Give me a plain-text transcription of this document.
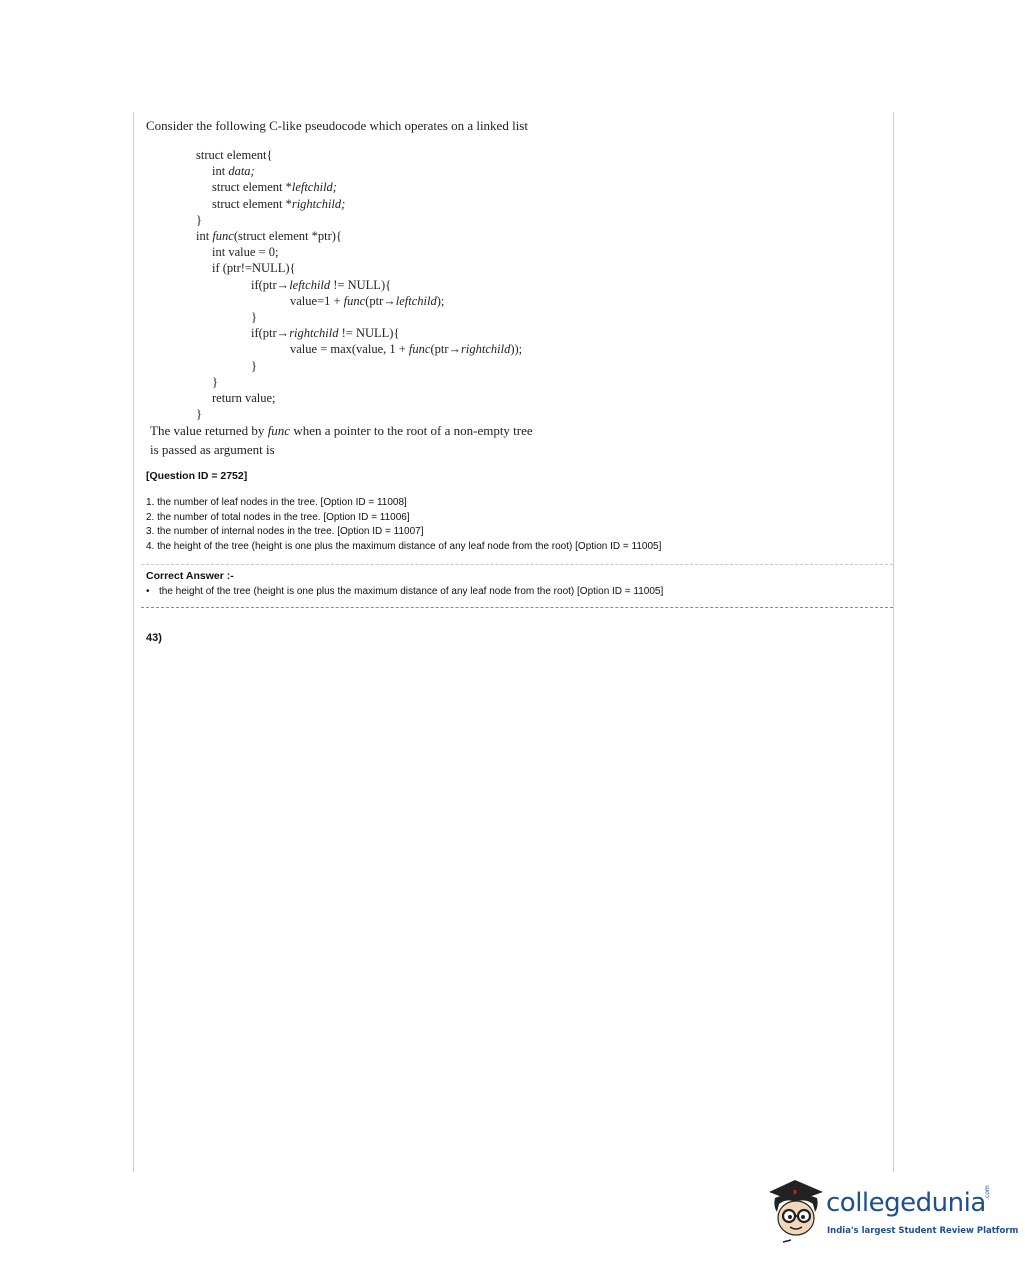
Consider the following C-like pseudocode which operates on a linked list
struct element{
int data;
struct element *leftchild;
struct element *rightchild;
}
int func(struct element *ptr){
int value = 0;
if (ptr!=NULL){
if(ptr→leftchild != NULL){
value=1 + func(ptr→leftchild);
}
if(ptr→rightchild != NULL){
value = max(value, 1 + func(ptr→rightchild));
}
}
return value;
}
The value returned by func when a pointer to the root of a non-empty tree
is passed as argument is
[Question ID = 2752]
1. the number of leaf nodes in the tree. [Option ID = 11008]
2. the number of total nodes in the tree. [Option ID = 11006]
3. the number of internal nodes in the tree. [Option ID = 11007]
4. the height of the tree (height is one plus the maximum distance of any leaf node from the root) [Option ID = 11005]
Correct Answer :-
• the height of the tree (height is one plus the maximum distance of any leaf node from the root) [Option ID = 11005]
43)
collegedunia
.com
India's largest Student Review Platform
